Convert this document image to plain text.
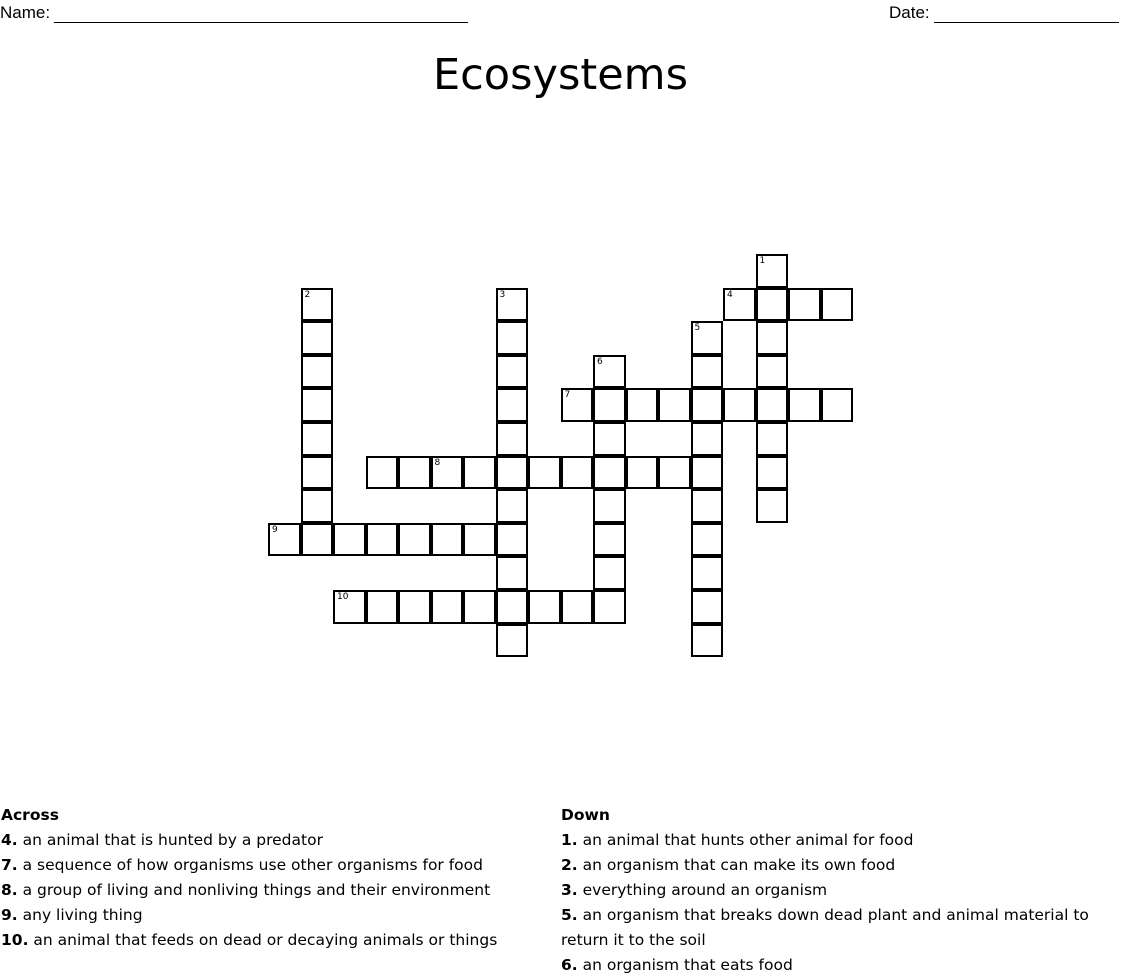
Name:	Date:
Ecosystems
1
4
2	3
5
6
7
8
9
10
Across
4. an animal that is hunted by a predator
7. a sequence of how organisms use other organisms for food
8. a group of living and nonliving things and their environment
9. any living thing
10. an animal that feeds on dead or decaying animals or things
Down
1. an animal that hunts other animal for food
2. an organism that can make its own food
3. everything around an organism
5. an organism that breaks down dead plant and animal material to return it to the soil
6. an organism that eats food
